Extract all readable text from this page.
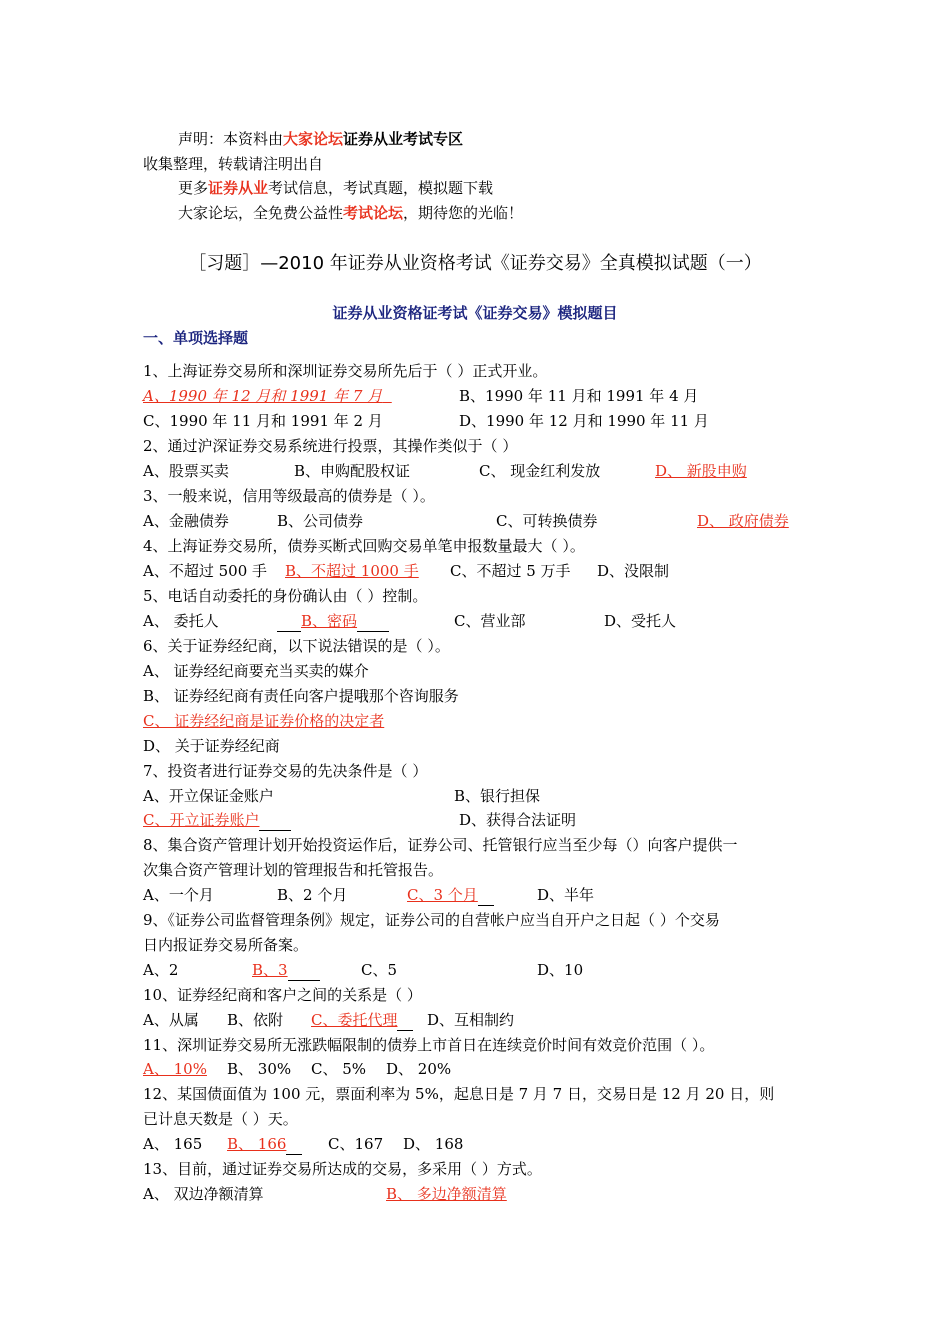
声明：本资料由大家论坛证券从业考试专区
收集整理，转载请注明出自
更多证券从业考试信息，考试真题，模拟题下载
大家论坛，全免费公益性考试论坛，期待您的光临！
［习题］—2010 年证券从业资格考试《证券交易》全真模拟试题（一）
证券从业资格证考试《证券交易》模拟题目
一、单项选择题
1、上海证券交易所和深圳证券交易所先后于（ ）正式开业。
A、1990 年 12 月和 1991 年 7 月	B、1990 年 11 月和 1991 年 4 月
C、1990 年 11 月和 1991 年 2 月	D、1990 年 12 月和 1990 年 11 月
2、通过沪深证券交易系统进行投票，其操作类似于（ ）
A、股票买卖	B、申购配股权证	C、 现金红利发放	D、 新股申购
3、一般来说，信用等级最高的债券是（ ）。
A、金融债券	B、公司债券	C、可转换债券	D、 政府债券
4、上海证券交易所，债券买断式回购交易单笔申报数量最大（ ）。
A、不超过 500 手 B、不超过 1000 手 C、不超过 5 万手 D、没限制
5、电话自动委托的身份确认由（ ）控制。
A、 委托人	B、密码	C、营业部	D、受托人
6、关于证券经纪商，以下说法错误的是（ ）。
A、 证券经纪商要充当买卖的媒介
B、 证券经纪商有责任向客户提哦那个咨询服务
C、 证券经纪商是证券价格的决定者
D、 关于证券经纪商
7、投资者进行证券交易的先决条件是（ ）
A、开立保证金账户	B、银行担保
C、开立证券账户	D、获得合法证明
8、集合资产管理计划开始投资运作后，证券公司、托管银行应当至少每（）向客户提供一
次集合资产管理计划的管理报告和托管报告。
A、一个月	B、2 个月	C、3 个月	D、半年
9、《证券公司监督管理条例》规定，证券公司的自营帐户应当自开户之日起（ ）个交易
日内报证券交易所备案。
A、2	B、3	C、5	D、10
10、证券经纪商和客户之间的关系是（ ）
A、从属 B、依附 C、委托代理	D、互相制约
11、深圳证券交易所无涨跌幅限制的债券上市首日在连续竞价时间有效竞价范围（ ）。
A、 10% B、 30% C、 5% D、 20%
12、某国债面值为 100 元，票面利率为 5%，起息日是 7 月 7 日，交易日是 12 月 20 日，则
已计息天数是（ ）天。
A、 165 B、 166	C、167 D、 168
13、目前，通过证券交易所达成的交易，多采用（ ）方式。
A、 双边净额清算	B、 多边净额清算
